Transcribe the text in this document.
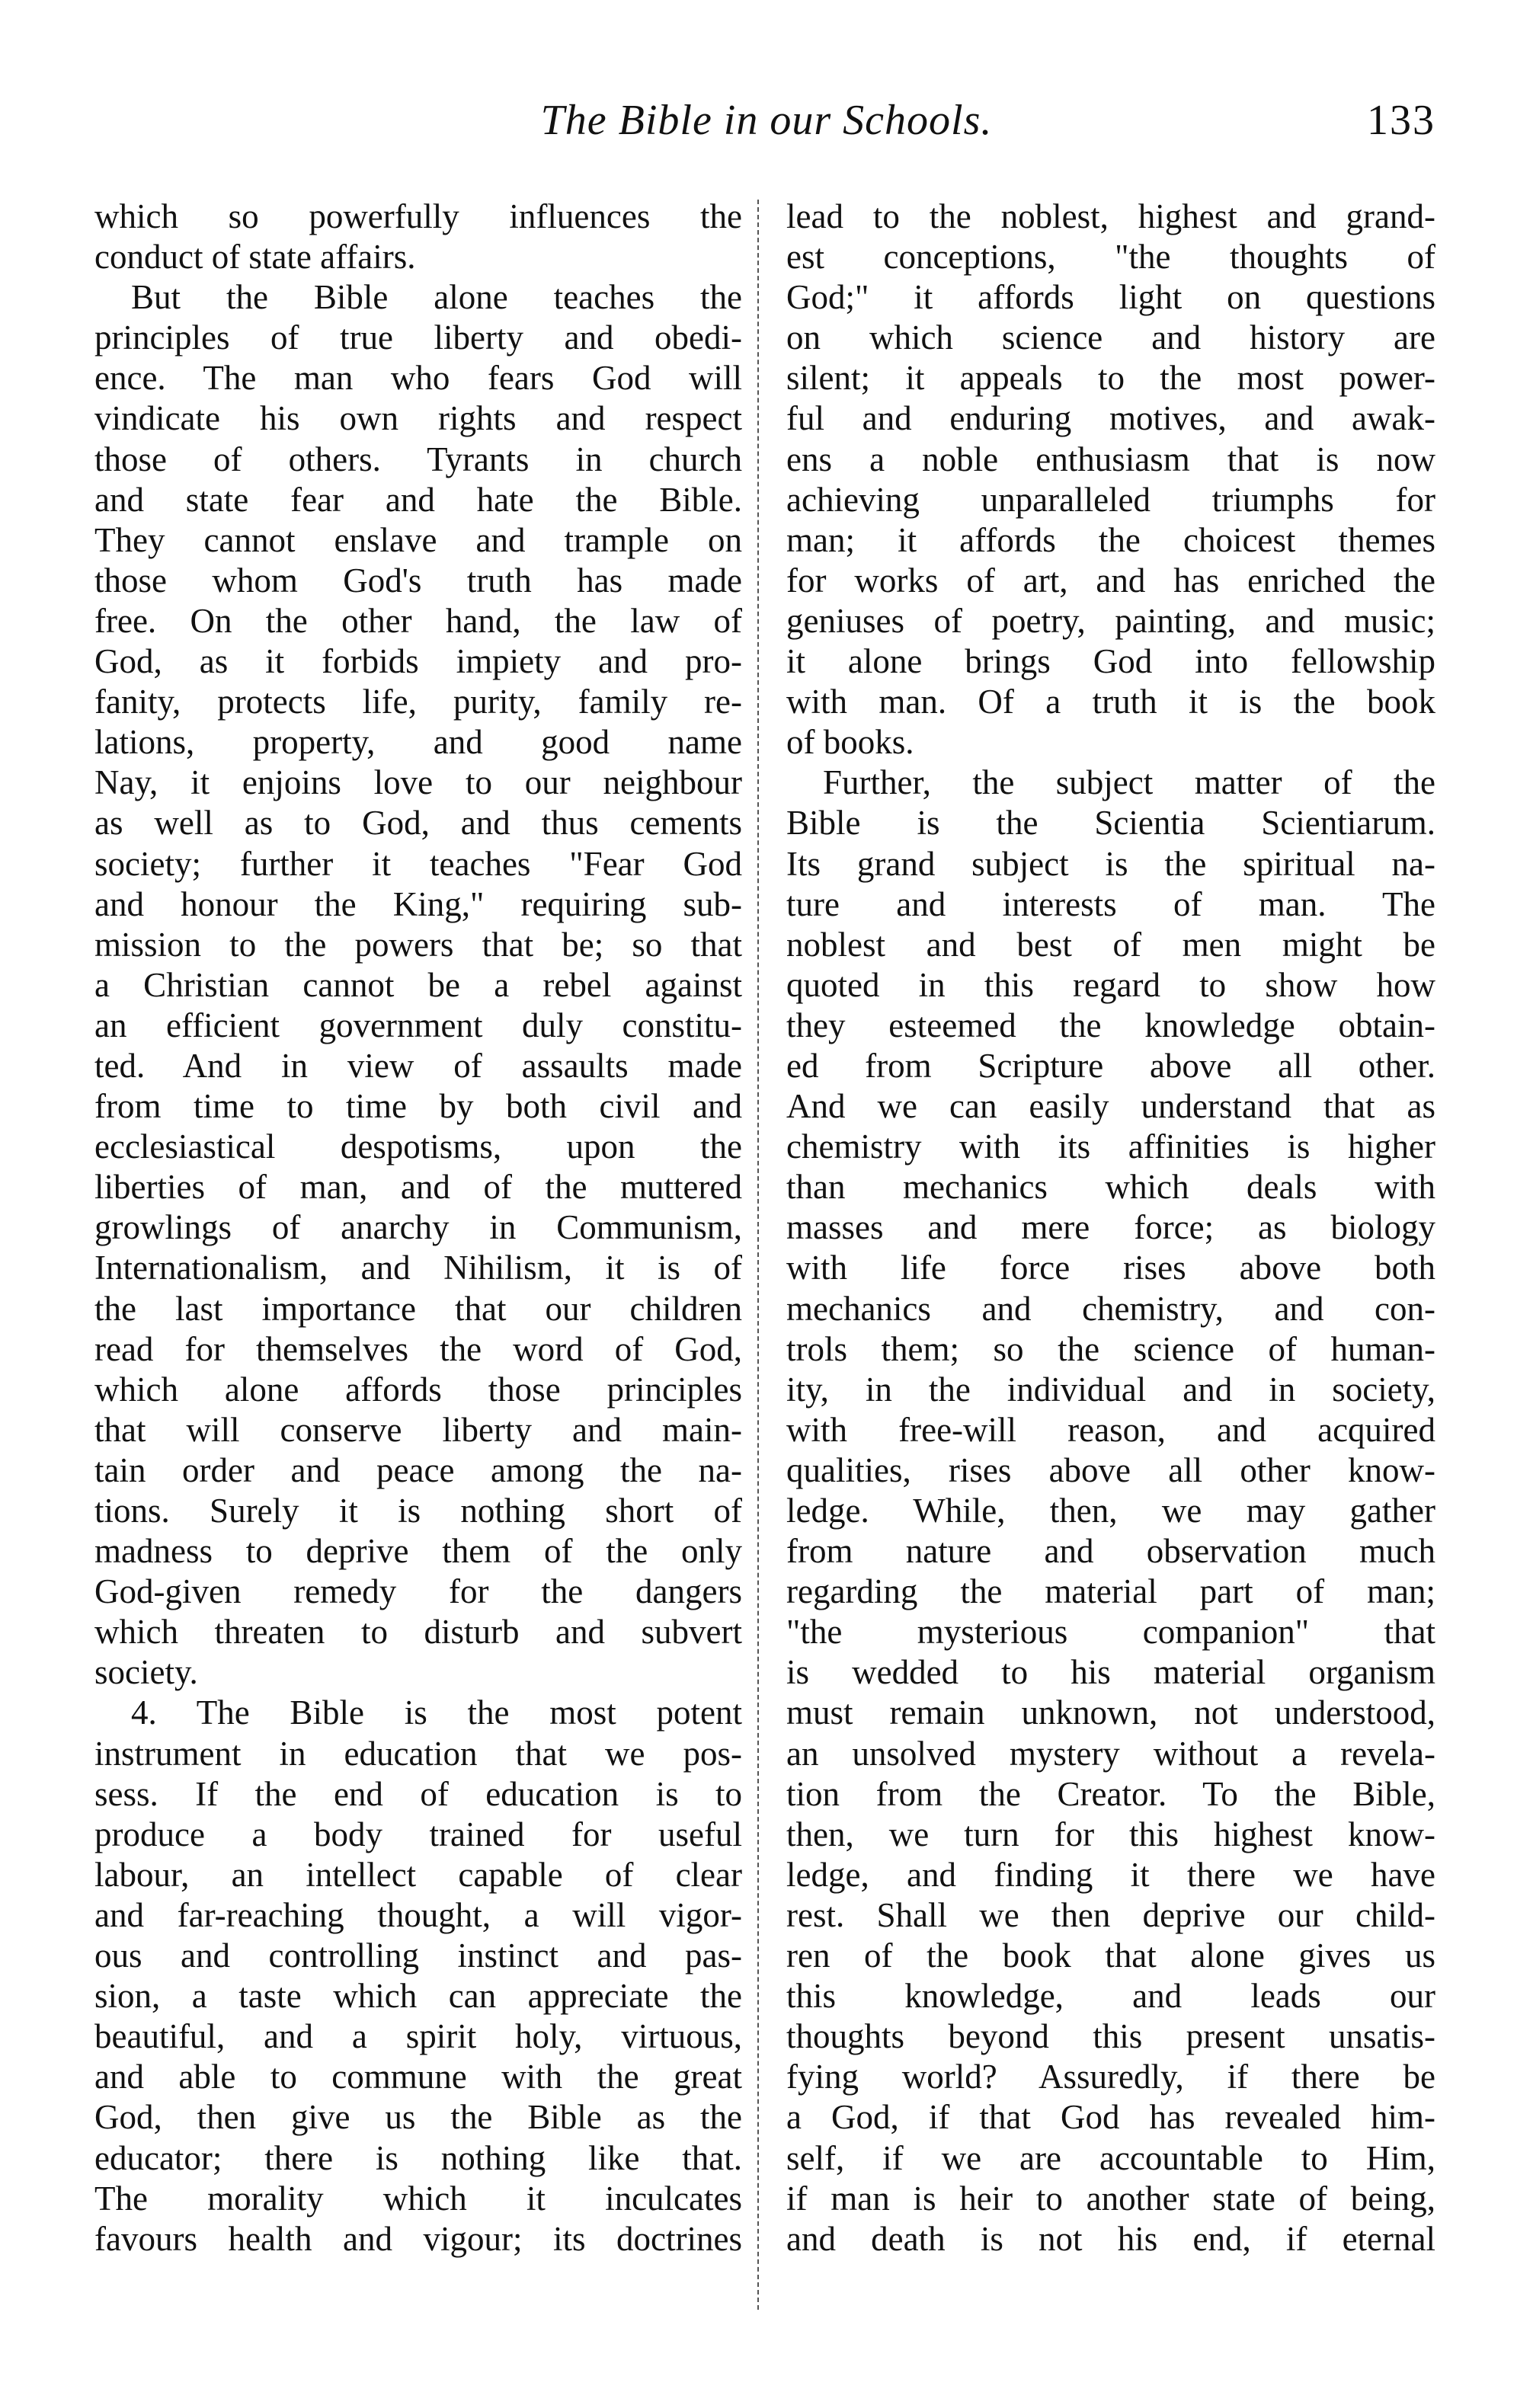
The Bible in our Schools.	133
which so powerfully influences the
conduct of state affairs.
But the Bible alone teaches the
principles of true liberty and obedi-
ence. The man who fears God will
vindicate his own rights and respect
those of others. Tyrants in church
and state fear and hate the Bible.
They cannot enslave and trample on
those whom God's truth has made
free. On the other hand, the law of
God, as it forbids impiety and pro-
fanity, protects life, purity, family re-
lations, property, and good name
Nay, it enjoins love to our neighbour
as well as to God, and thus cements
society; further it teaches "Fear God
and honour the King," requiring sub-
mission to the powers that be; so that
a Christian cannot be a rebel against
an efficient government duly constitu-
ted. And in view of assaults made
from time to time by both civil and
ecclesiastical despotisms, upon the
liberties of man, and of the muttered
growlings of anarchy in Communism,
Internationalism, and Nihilism, it is of
the last importance that our children
read for themselves the word of God,
which alone affords those principles
that will conserve liberty and main-
tain order and peace among the na-
tions. Surely it is nothing short of
madness to deprive them of the only
God-given remedy for the dangers
which threaten to disturb and subvert
society.
4. The Bible is the most potent
instrument in education that we pos-
sess. If the end of education is to
produce a body trained for useful
labour, an intellect capable of clear
and far-reaching thought, a will vigor-
ous and controlling instinct and pas-
sion, a taste which can appreciate the
beautiful, and a spirit holy, virtuous,
and able to commune with the great
God, then give us the Bible as the
educator; there is nothing like that.
The morality which it inculcates
favours health and vigour; its doctrines
lead to the noblest, highest and grand-
est conceptions, "the thoughts of
God;" it affords light on questions
on which science and history are
silent; it appeals to the most power-
ful and enduring motives, and awak-
ens a noble enthusiasm that is now
achieving unparalleled triumphs for
man; it affords the choicest themes
for works of art, and has enriched the
geniuses of poetry, painting, and music;
it alone brings God into fellowship
with man. Of a truth it is the book
of books.
Further, the subject matter of the
Bible is the Scientia Scientiarum.
Its grand subject is the spiritual na-
ture and interests of man. The
noblest and best of men might be
quoted in this regard to show how
they esteemed the knowledge obtain-
ed from Scripture above all other.
And we can easily understand that as
chemistry with its affinities is higher
than mechanics which deals with
masses and mere force; as biology
with life force rises above both
mechanics and chemistry, and con-
trols them; so the science of human-
ity, in the individual and in society,
with free-will reason, and acquired
qualities, rises above all other know-
ledge. While, then, we may gather
from nature and observation much
regarding the material part of man;
"the mysterious companion" that
is wedded to his material organism
must remain unknown, not understood,
an unsolved mystery without a revela-
tion from the Creator. To the Bible,
then, we turn for this highest know-
ledge, and finding it there we have
rest. Shall we then deprive our child-
ren of the book that alone gives us
this knowledge, and leads our
thoughts beyond this present unsatis-
fying world? Assuredly, if there be
a God, if that God has revealed him-
self, if we are accountable to Him,
if man is heir to another state of being,
and death is not his end, if eternal
